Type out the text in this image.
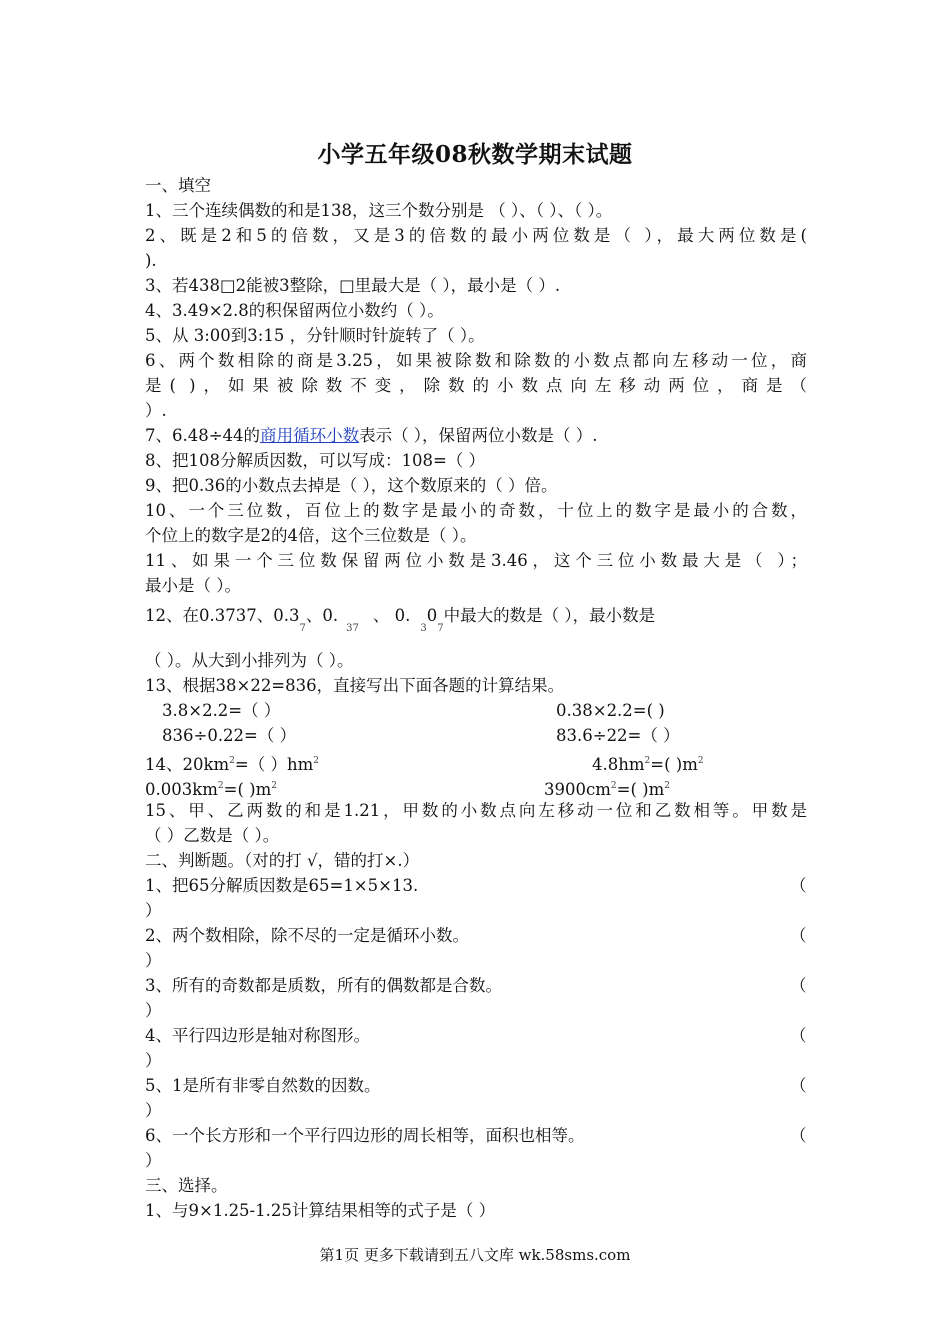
小学五年级08秋数学期末试题
一、填空
1、三个连续偶数的和是138，这三个数分别是 （ ）、（ ）、（ ）。
2、既是2和5的倍数，又是3的倍数的最小两位数是（ ），最大两位数是(
).
3、若438□2能被3整除，□里最大是（ ），最小是（ ）.
4、3.49×2.8的积保留两位小数约（ ）。
5、从 3:00到3:15 ，分针顺时针旋转了（ ）。
6、两个数相除的商是3.25，如果被除数和除数的小数点都向左移动一位，商
是( )，如果被除数不变，除数的小数点向左移动两位，商是（
）.
7、6.48÷44的商用循环小数表示（ ），保留两位小数是（ ）.
8、把108分解质因数，可以写成：108=（ ）
9、把0.36的小数点去掉是（ ），这个数原来的（ ）倍。
10、一个三位数，百位上的数字是最小的奇数，十位上的数字是最小的合数，
个位上的数字是2的4倍，这个三位数是（ ）。
11、如果一个三位数保留两位小数是3.46，这个三位小数最大是（ ）；
最小是（ ）。
12、在0.3737、$0.3_7$、$0._{37}$、 $0._30_7$中最大的数是（ ），最小数是
（ ）。从大到小排列为（ ）。
13、根据38×22=836，直接写出下面各题的计算结果。
3.8×2.2=（ ）	0.38×2.2=( )
836÷0.22=（ ）	83.6÷22=（ ）
14、$20km^2=$（ ）$hm^2$	$4.8hm^2=$( )$m^2$
$0.003km^2=$( )$m^2$	$3900cm^2=$( )$m^2$
15、甲、乙两数的和是1.21，甲数的小数点向左移动一位和乙数相等。甲数是
（ ）乙数是（ ）。
二、判断题。（对的打 √，错的打×.）
1、把65分解质因数是65=1×5×13.	（
）
2、两个数相除，除不尽的一定是循环小数。	（
）
3、所有的奇数都是质数，所有的偶数都是合数。	（
）
4、平行四边形是轴对称图形。	（
）
5、1是所有非零自然数的因数。	（
）
6、一个长方形和一个平行四边形的周长相等，面积也相等。	（
）
三、选择。
1、与9×1.25-1.25计算结果相等的式子是（ ）
第1页 更多下载请到五八文库 wk.58sms.com
